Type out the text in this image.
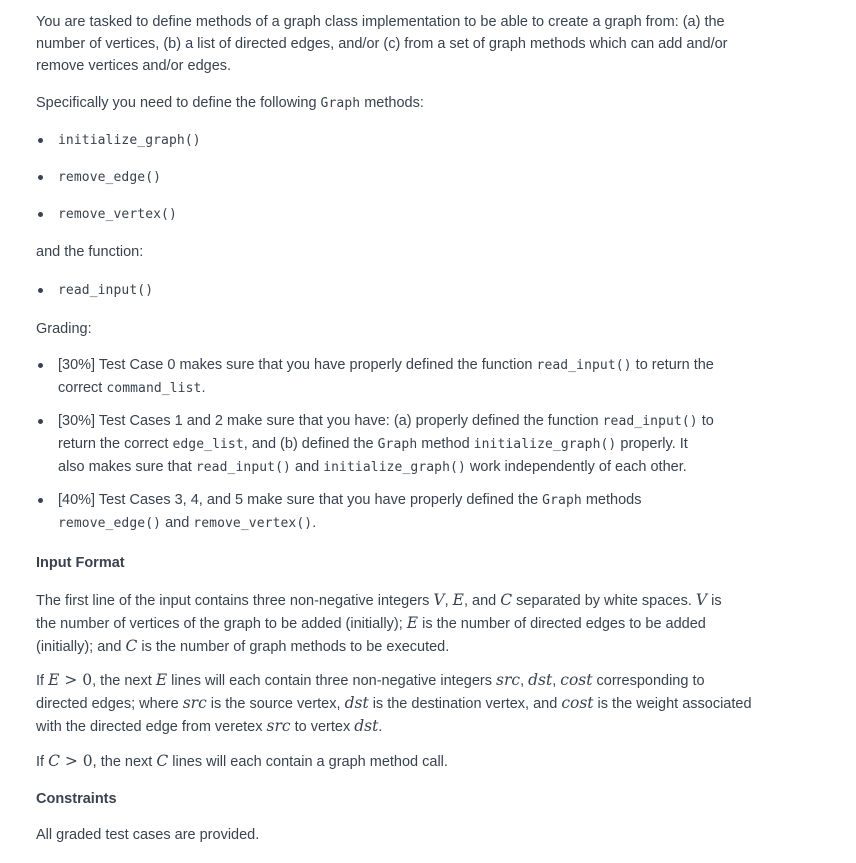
You are tasked to define methods of a graph class implementation to be able to create a graph from: (a) the
number of vertices, (b) a list of directed edges, and/or (c) from a set of graph methods which can add and/or
remove vertices and/or edges.

Specifically you need to define the following Graph methods:

initialize_graph()
remove_edge()
remove_vertex()

and the function:

read_input()

Grading:

[30%] Test Case 0 makes sure that you have properly defined the function read_input() to return the
correct command_list.
[30%] Test Cases 1 and 2 make sure that you have: (a) properly defined the function read_input() to
return the correct edge_list, and (b) defined the Graph method initialize_graph() properly. It
also makes sure that read_input() and initialize_graph() work independently of each other.
[40%] Test Cases 3, 4, and 5 make sure that you have properly defined the Graph methods
remove_edge() and remove_vertex().

Input Format

The first line of the input contains three non-negative integers V, E, and C separated by white spaces. V is
the number of vertices of the graph to be added (initially); E is the number of directed edges to be added
(initially); and C is the number of graph methods to be executed.

If E > 0, the next E lines will each contain three non-negative integers src, dst, cost corresponding to
directed edges; where src is the source vertex, dst is the destination vertex, and cost is the weight associated
with the directed edge from veretex src to vertex dst.

If C > 0, the next C lines will each contain a graph method call.

Constraints

All graded test cases are provided.
